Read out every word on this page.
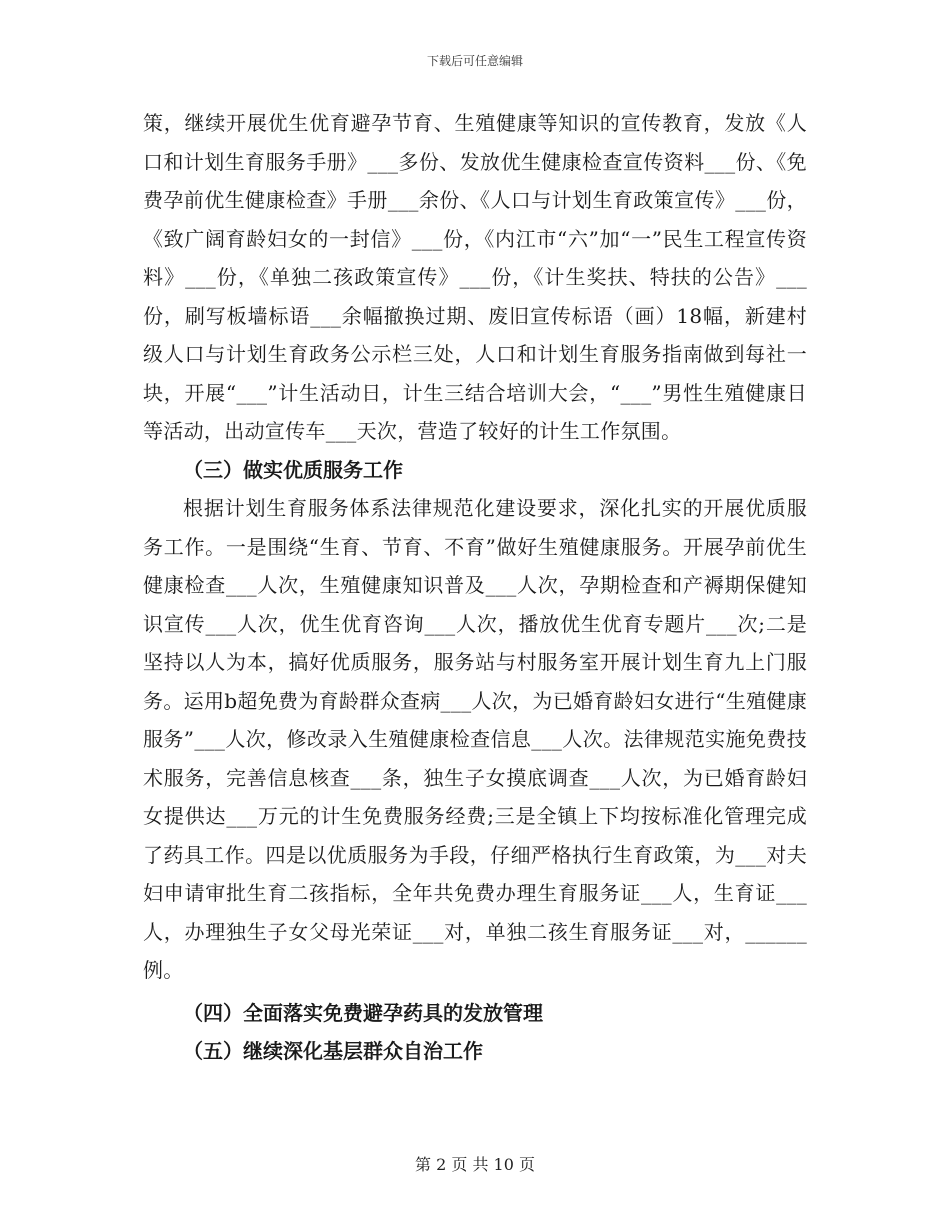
下载后可任意编辑

策，继续开展优生优育避孕节育、生殖健康等知识的宣传教育，发放《人口和计划生育服务手册》___多份、发放优生健康检查宣传资料___份、《免费孕前优生健康检查》手册___余份、《人口与计划生育政策宣传》___份，《致广阔育龄妇女的一封信》___份，《内江市“六”加“一”民生工程宣传资料》___份，《单独二孩政策宣传》___份，《计生奖扶、特扶的公告》___份，刷写板墙标语___余幅撤换过期、废旧宣传标语（画）18幅，新建村级人口与计划生育政务公示栏三处，人口和计划生育服务指南做到每社一块，开展“___”计生活动日，计生三结合培训大会，“___”男性生殖健康日等活动，出动宣传车___天次，营造了较好的计生工作氛围。

（三）做实优质服务工作

根据计划生育服务体系法律规范化建设要求，深化扎实的开展优质服务工作。一是围绕“生育、节育、不育”做好生殖健康服务。开展孕前优生健康检查___人次，生殖健康知识普及___人次，孕期检查和产褥期保健知识宣传___人次，优生优育咨询___人次，播放优生优育专题片___次;二是坚持以人为本，搞好优质服务，服务站与村服务室开展计划生育九上门服务。运用b超免费为育龄群众查病___人次，为已婚育龄妇女进行“生殖健康服务”___人次，修改录入生殖健康检查信息___人次。法律规范实施免费技术服务，完善信息核查___条，独生子女摸底调查___人次，为已婚育龄妇女提供达___万元的计生免费服务经费;三是全镇上下均按标准化管理完成了药具工作。四是以优质服务为手段，仔细严格执行生育政策，为___对夫妇申请审批生育二孩指标，全年共免费办理生育服务证___人，生育证___人，办理独生子女父母光荣证___对，单独二孩生育服务证___对，______例。

（四）全面落实免费避孕药具的发放管理

（五）继续深化基层群众自治工作

第 2 页 共 10 页
